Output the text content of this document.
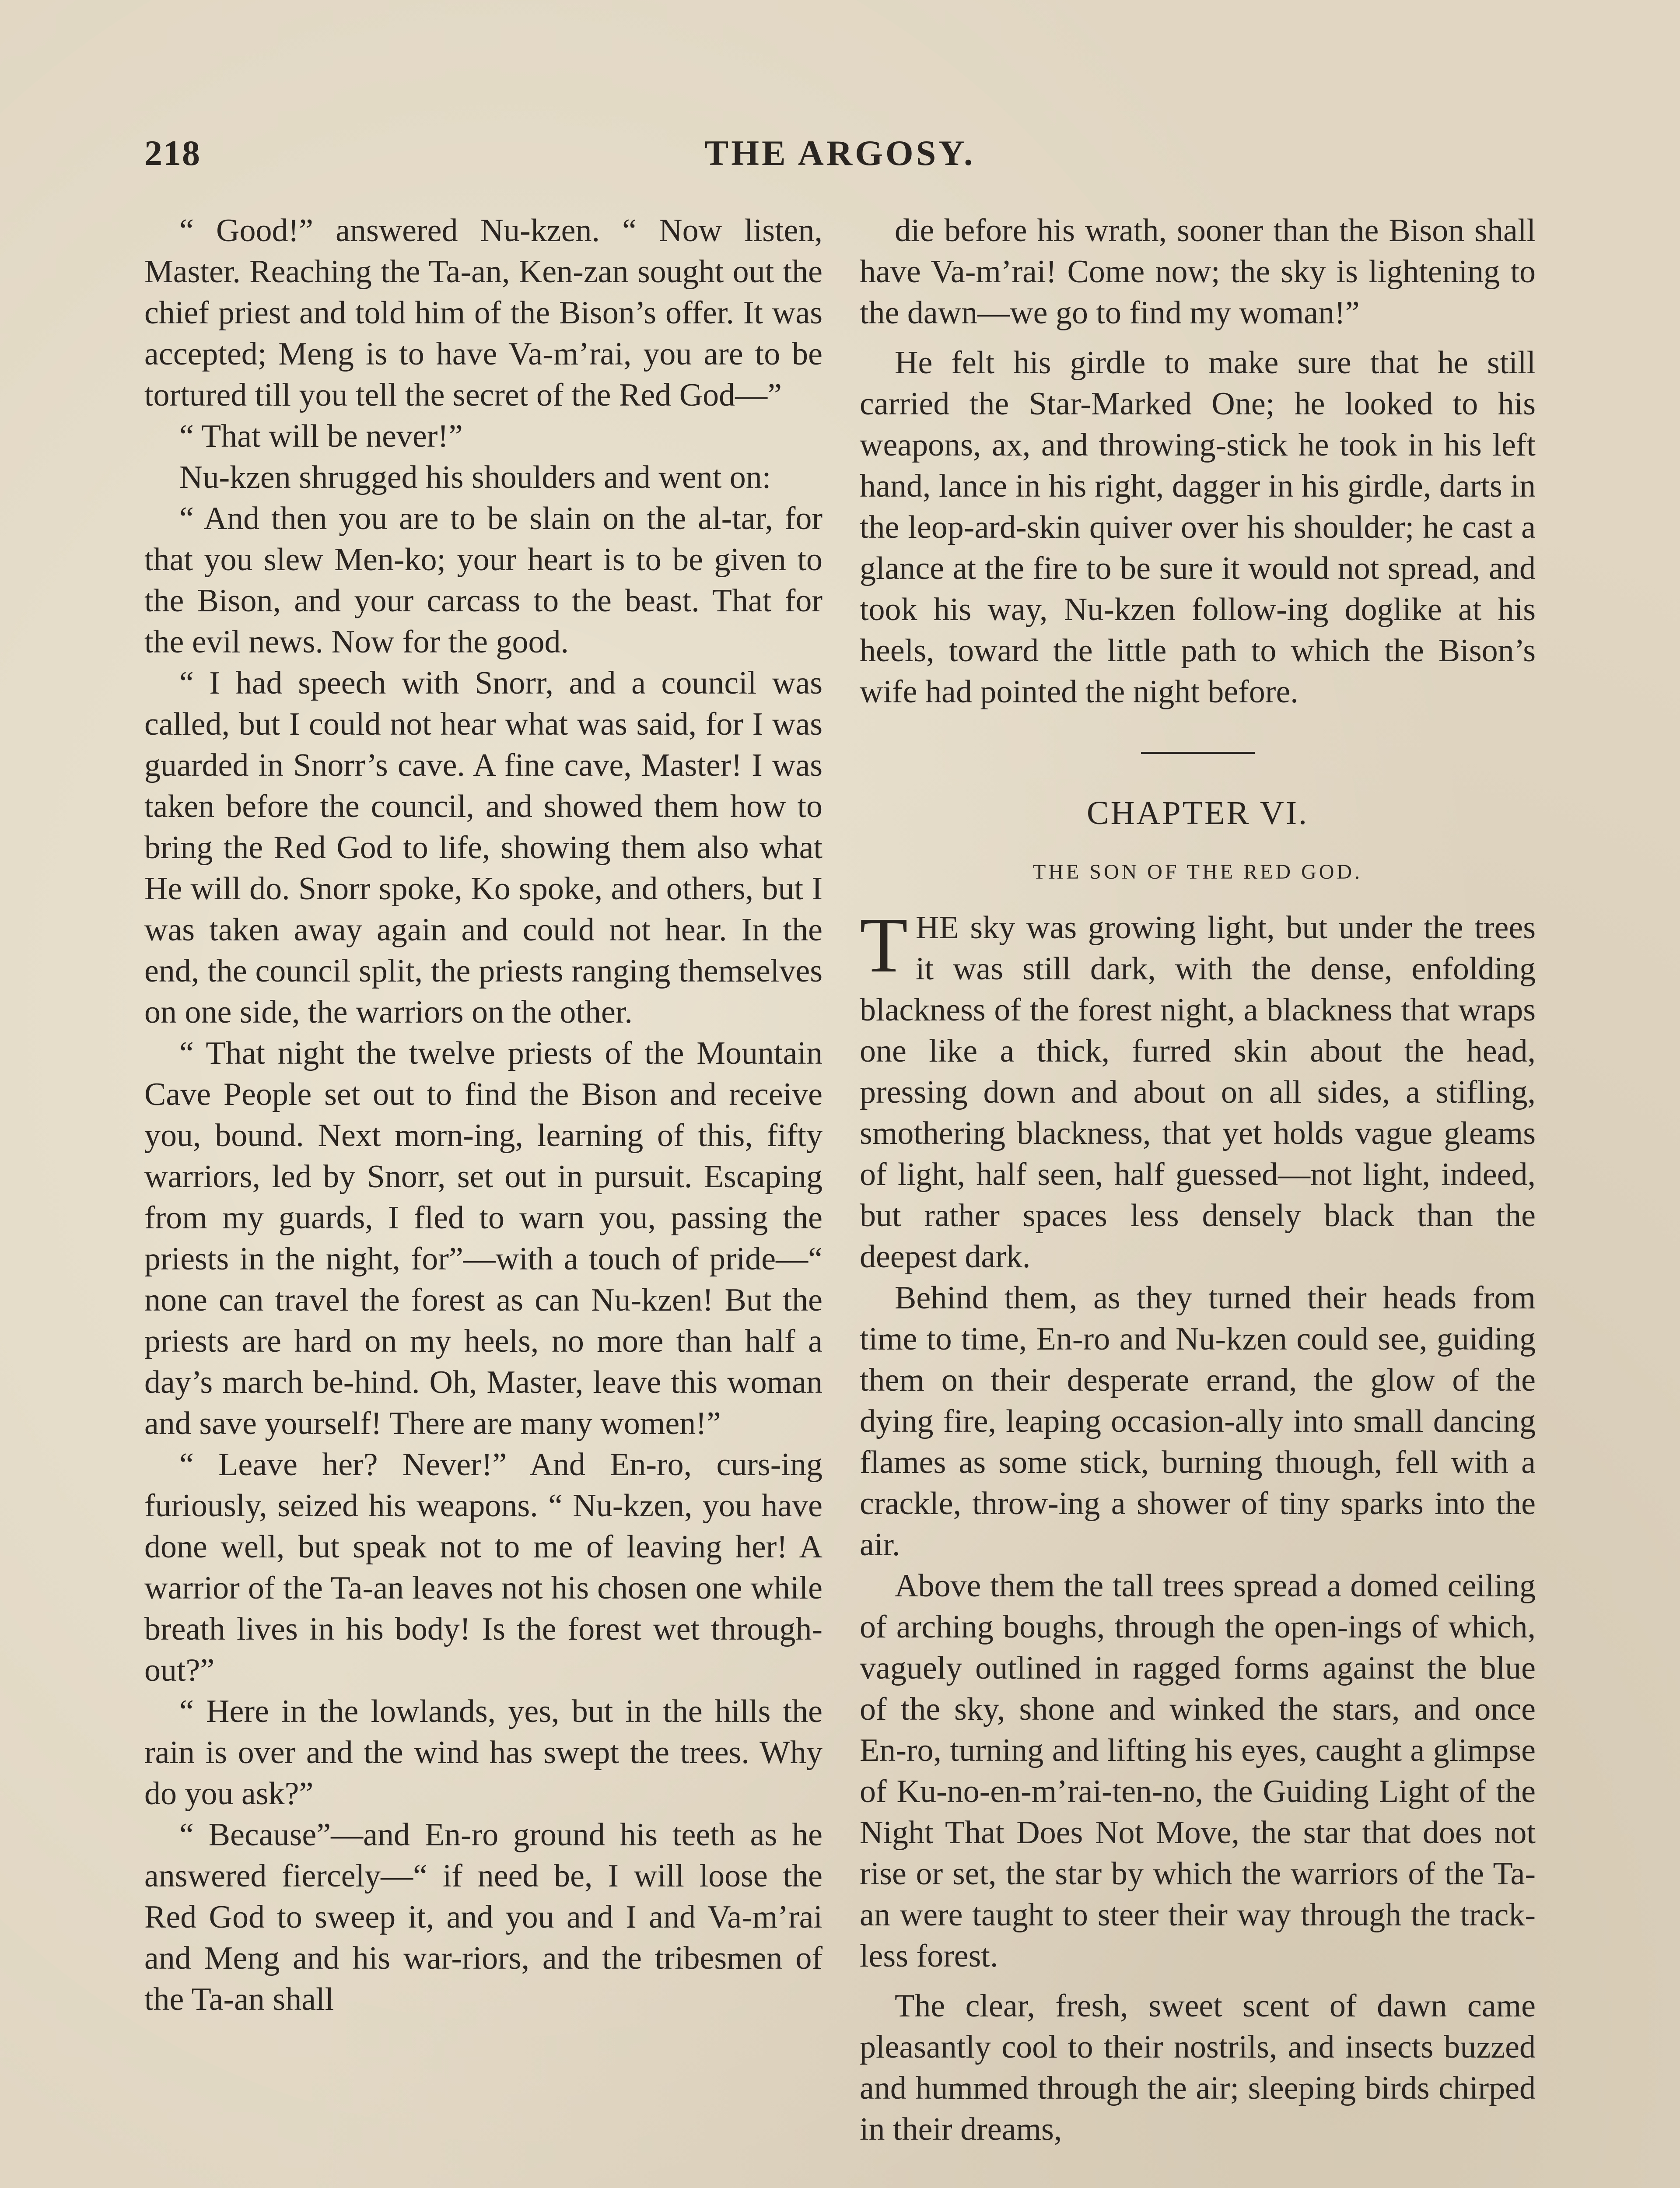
218	THE ARGOSY.

“ Good!” answered Nu-kzen. “ Now listen, Master. Reaching the Ta-an, Ken-zan sought out the chief priest and told him of the Bison’s offer. It was accepted; Meng is to have Va-m’rai, you are to be tortured till you tell the secret of the Red God—”

“ That will be never!”

Nu-kzen shrugged his shoulders and went on:

“ And then you are to be slain on the al-tar, for that you slew Men-ko; your heart is to be given to the Bison, and your carcass to the beast. That for the evil news. Now for the good.

“ I had speech with Snorr, and a council was called, but I could not hear what was said, for I was guarded in Snorr’s cave. A fine cave, Master! I was taken before the council, and showed them how to bring the Red God to life, showing them also what He will do. Snorr spoke, Ko spoke, and others, but I was taken away again and could not hear. In the end, the council split, the priests ranging themselves on one side, the warriors on the other.

“ That night the twelve priests of the Mountain Cave People set out to find the Bison and receive you, bound. Next morn-ing, learning of this, fifty warriors, led by Snorr, set out in pursuit. Escaping from my guards, I fled to warn you, passing the priests in the night, for”—with a touch of pride—“ none can travel the forest as can Nu-kzen! But the priests are hard on my heels, no more than half a day’s march be-hind. Oh, Master, leave this woman and save yourself! There are many women!”

“ Leave her? Never!” And En-ro, curs-ing furiously, seized his weapons. “ Nu-kzen, you have done well, but speak not to me of leaving her! A warrior of the Ta-an leaves not his chosen one while breath lives in his body! Is the forest wet through-out?”

“ Here in the lowlands, yes, but in the hills the rain is over and the wind has swept the trees. Why do you ask?”

“ Because”—and En-ro ground his teeth as he answered fiercely—“ if need be, I will loose the Red God to sweep it, and you and I and Va-m’rai and Meng and his war-riors, and the tribesmen of the Ta-an shall

die before his wrath, sooner than the Bison shall have Va-m’rai! Come now; the sky is lightening to the dawn—we go to find my woman!”

He felt his girdle to make sure that he still carried the Star-Marked One; he looked to his weapons, ax, and throwing-stick he took in his left hand, lance in his right, dagger in his girdle, darts in the leop-ard-skin quiver over his shoulder; he cast a glance at the fire to be sure it would not spread, and took his way, Nu-kzen follow-ing doglike at his heels, toward the little path to which the Bison’s wife had pointed the night before.

CHAPTER VI.
THE SON OF THE RED GOD.

THE sky was growing light, but under the trees it was still dark, with the dense, enfolding blackness of the forest night, a blackness that wraps one like a thick, furred skin about the head, pressing down and about on all sides, a stifling, smothering blackness, that yet holds vague gleams of light, half seen, half guessed—not light, indeed, but rather spaces less densely black than the deepest dark.

Behind them, as they turned their heads from time to time, En-ro and Nu-kzen could see, guiding them on their desperate errand, the glow of the dying fire, leaping occasion-ally into small dancing flames as some stick, burning thıough, fell with a crackle, throw-ing a shower of tiny sparks into the air.

Above them the tall trees spread a domed ceiling of arching boughs, through the open-ings of which, vaguely outlined in ragged forms against the blue of the sky, shone and winked the stars, and once En-ro, turning and lifting his eyes, caught a glimpse of Ku-no-en-m’rai-ten-no, the Guiding Light of the Night That Does Not Move, the star that does not rise or set, the star by which the warriors of the Ta-an were taught to steer their way through the track-less forest.

The clear, fresh, sweet scent of dawn came pleasantly cool to their nostrils, and insects buzzed and hummed through the air; sleeping birds chirped in their dreams,
